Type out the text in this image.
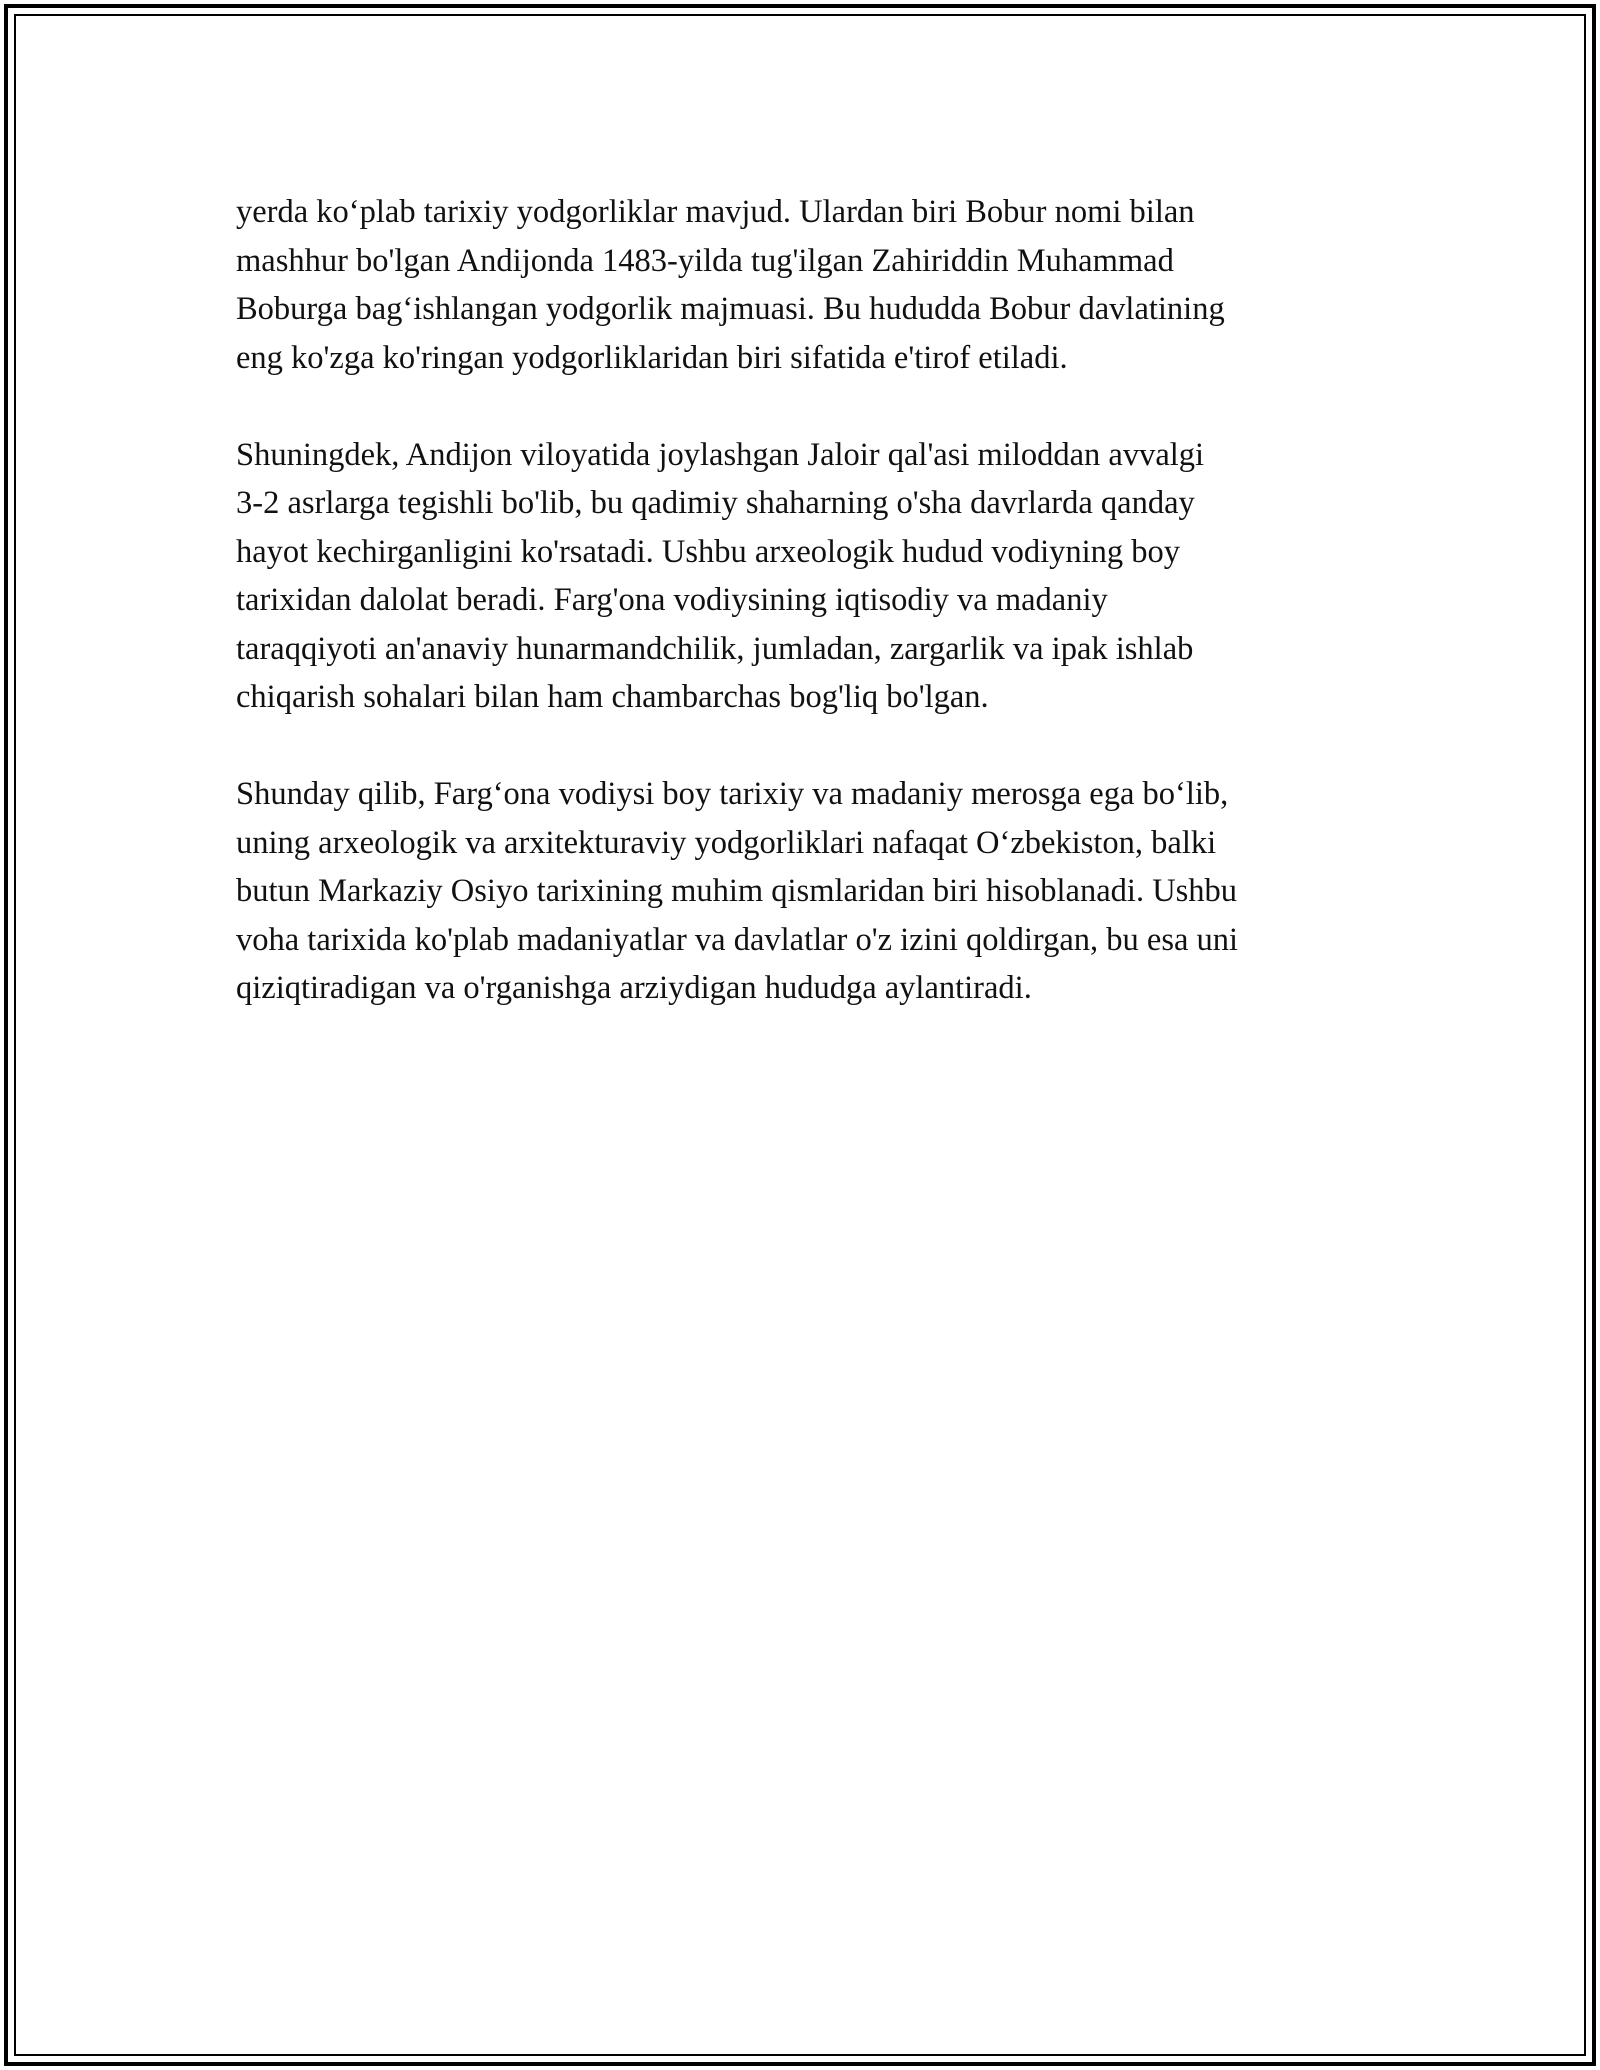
yerda ko‘plab tarixiy yodgorliklar mavjud. Ulardan biri Bobur nomi bilan
mashhur bo'lgan Andijonda 1483-yilda tug'ilgan Zahiriddin Muhammad
Boburga bag‘ishlangan yodgorlik majmuasi. Bu hududda Bobur davlatining
eng ko'zga ko'ringan yodgorliklaridan biri sifatida e'tirof etiladi.

Shuningdek, Andijon viloyatida joylashgan Jaloir qal'asi miloddan avvalgi
3-2 asrlarga tegishli bo'lib, bu qadimiy shaharning o'sha davrlarda qanday
hayot kechirganligini ko'rsatadi. Ushbu arxeologik hudud vodiyning boy
tarixidan dalolat beradi. Farg'ona vodiysining iqtisodiy va madaniy
taraqqiyoti an'anaviy hunarmandchilik, jumladan, zargarlik va ipak ishlab
chiqarish sohalari bilan ham chambarchas bog'liq bo'lgan.

Shunday qilib, Farg‘ona vodiysi boy tarixiy va madaniy merosga ega bo‘lib,
uning arxeologik va arxitekturaviy yodgorliklari nafaqat O‘zbekiston, balki
butun Markaziy Osiyo tarixining muhim qismlaridan biri hisoblanadi. Ushbu
voha tarixida ko'plab madaniyatlar va davlatlar o'z izini qoldirgan, bu esa uni
qiziqtiradigan va o'rganishga arziydigan hududga aylantiradi.
